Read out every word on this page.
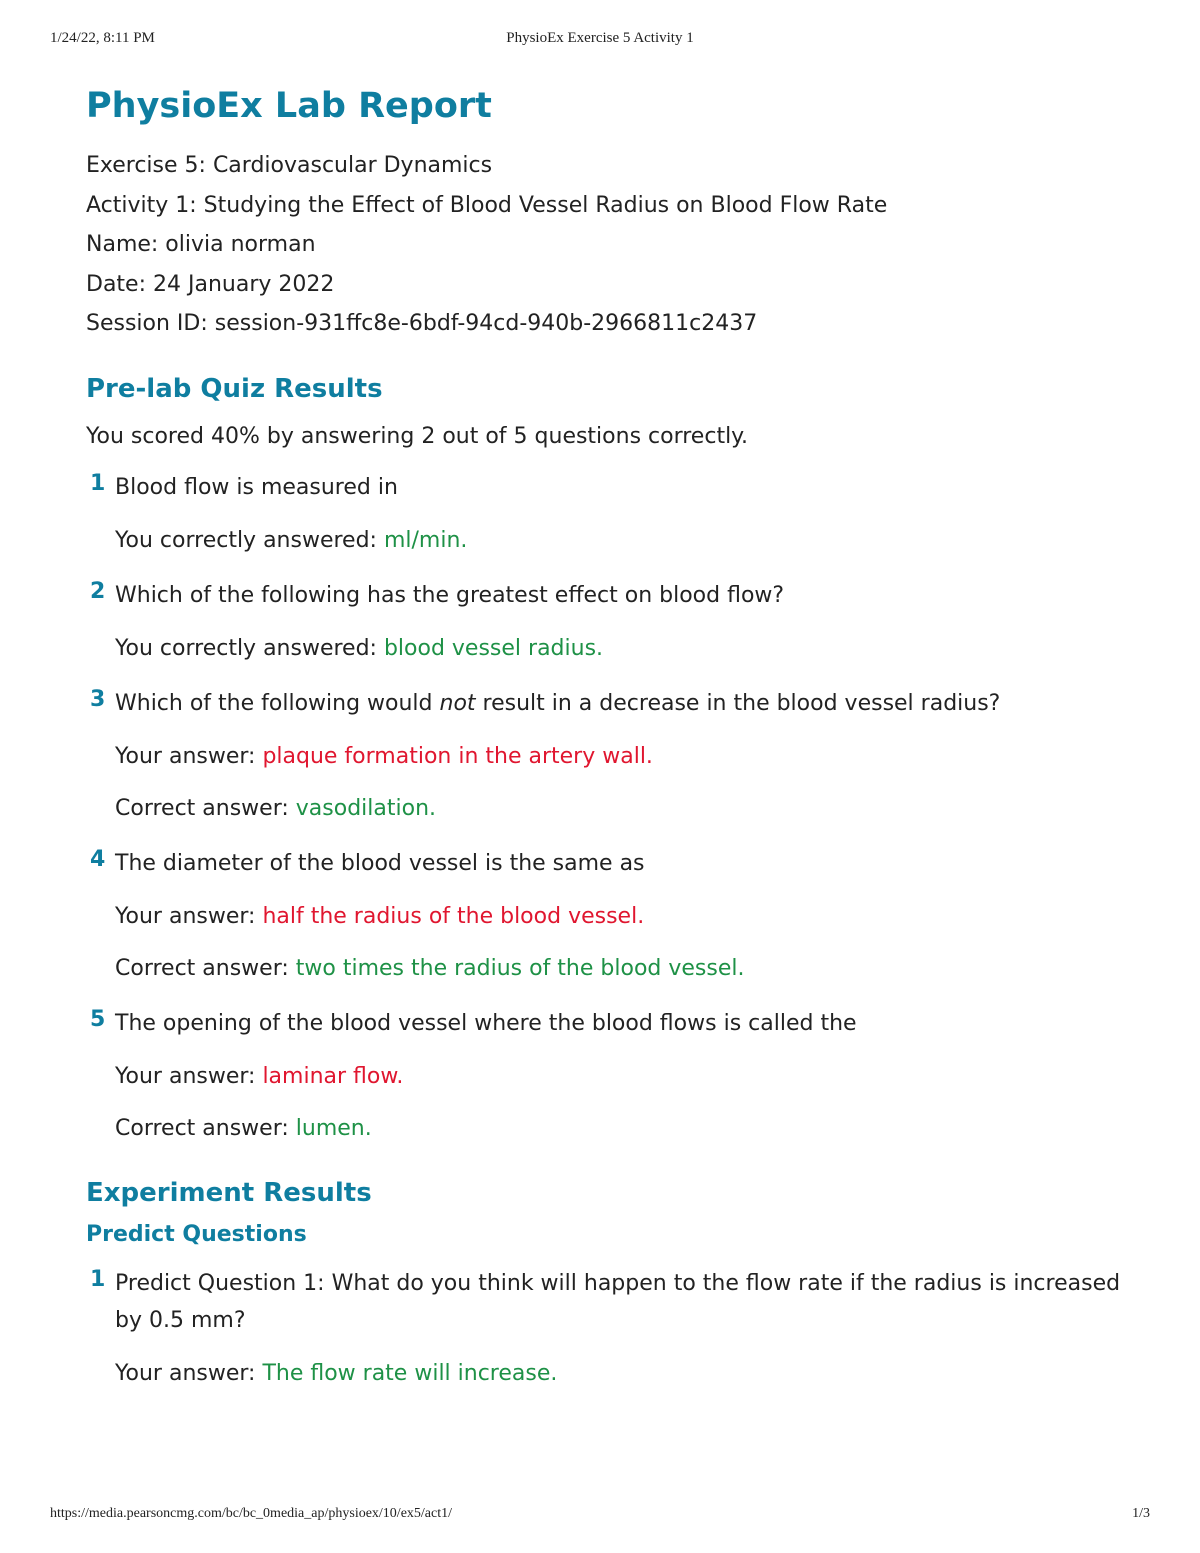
1/24/22, 8:11 PM	PhysioEx Exercise 5 Activity 1
PhysioEx Lab Report
Exercise 5: Cardiovascular Dynamics
Activity 1: Studying the Effect of Blood Vessel Radius on Blood Flow Rate
Name: olivia norman
Date: 24 January 2022
Session ID: session-931ffc8e-6bdf-94cd-940b-2966811c2437
Pre-lab Quiz Results
You scored 40% by answering 2 out of 5 questions correctly.
1 Blood flow is measured in
You correctly answered: ml/min.
2 Which of the following has the greatest effect on blood flow?
You correctly answered: blood vessel radius.
3 Which of the following would not result in a decrease in the blood vessel radius?
Your answer: plaque formation in the artery wall.
Correct answer: vasodilation.
4 The diameter of the blood vessel is the same as
Your answer: half the radius of the blood vessel.
Correct answer: two times the radius of the blood vessel.
5 The opening of the blood vessel where the blood flows is called the
Your answer: laminar flow.
Correct answer: lumen.
Experiment Results
Predict Questions
1 Predict Question 1: What do you think will happen to the flow rate if the radius is increased by 0.5 mm?
Your answer: The flow rate will increase.
https://media.pearsoncmg.com/bc/bc_0media_ap/physioex/10/ex5/act1/	1/3
